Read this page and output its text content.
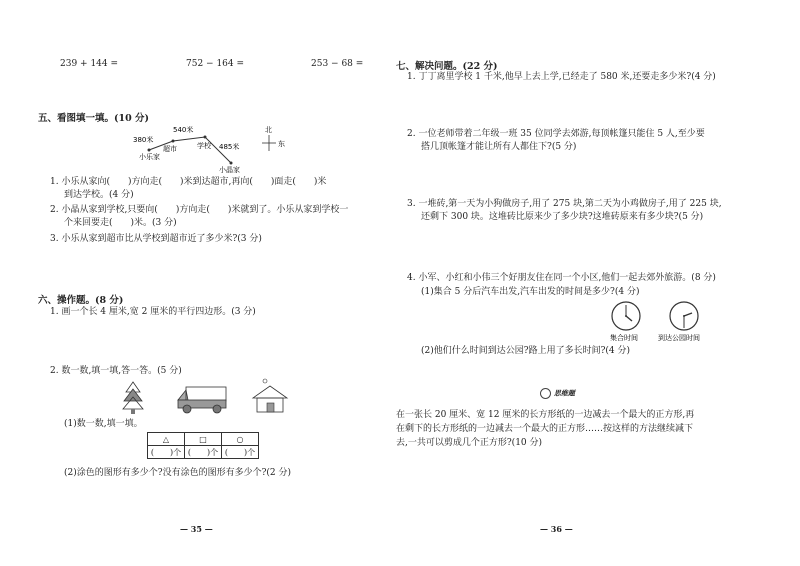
239 + 144 =	752 − 164 =	253 − 68 =
五、看图填一填。(10 分)
380米
540米
485米
小乐家
超市	学校
小晶家
北
东
1. 小乐从家向(　　)方向走(　　)米到达超市,再向(　　)面走(　　)米
到达学校。(4 分)
2. 小晶从家到学校,只要向(　　)方向走(　　)米就到了。小乐从家到学校一
个来回要走(　　)米。(3 分)
3. 小乐从家到超市比从学校到超市近了多少米?(3 分)
六、操作题。(8 分)
1. 画一个长 4 厘米,宽 2 厘米的平行四边形。(3 分)
2. 数一数,填一填,答一答。(5 分)
(1)数一数,填一填。
△	□	○
(　　)个	(　　)个	(　　)个
(2)涂色的图形有多少个?没有涂色的图形有多少个?(2 分)
— 35 —
七、解决问题。(22 分)
1. 丁丁离里学校 1 千米,他早上去上学,已经走了 580 米,还要走多少米?(4 分)
2. 一位老师带着二年级一班 35 位同学去郊游,每顶帐篷只能住 5 人,至少要
搭几顶帐篷才能让所有人都住下?(5 分)
3. 一堆砖,第一天为小狗做房子,用了 275 块,第二天为小鸡做房子,用了 225 块,
还剩下 300 块。这堆砖比原来少了多少块?这堆砖原来有多少块?(5 分)
4. 小军、小红和小伟三个好朋友住在同一个小区,他们一起去郊外旅游。(8 分)
(1)集合 5 分后汽车出发,汽车出发的时间是多少?(4 分)
集合时间	到达公园时间
(2)他们什么时间到达公园?路上用了多长时间?(4 分)
思维题
在一张长 20 厘米、宽 12 厘米的长方形纸的一边减去一个最大的正方形,再
在剩下的长方形纸的一边减去一个最大的正方形……按这样的方法继续减下
去,一共可以剪成几个正方形?(10 分)
— 36 —
